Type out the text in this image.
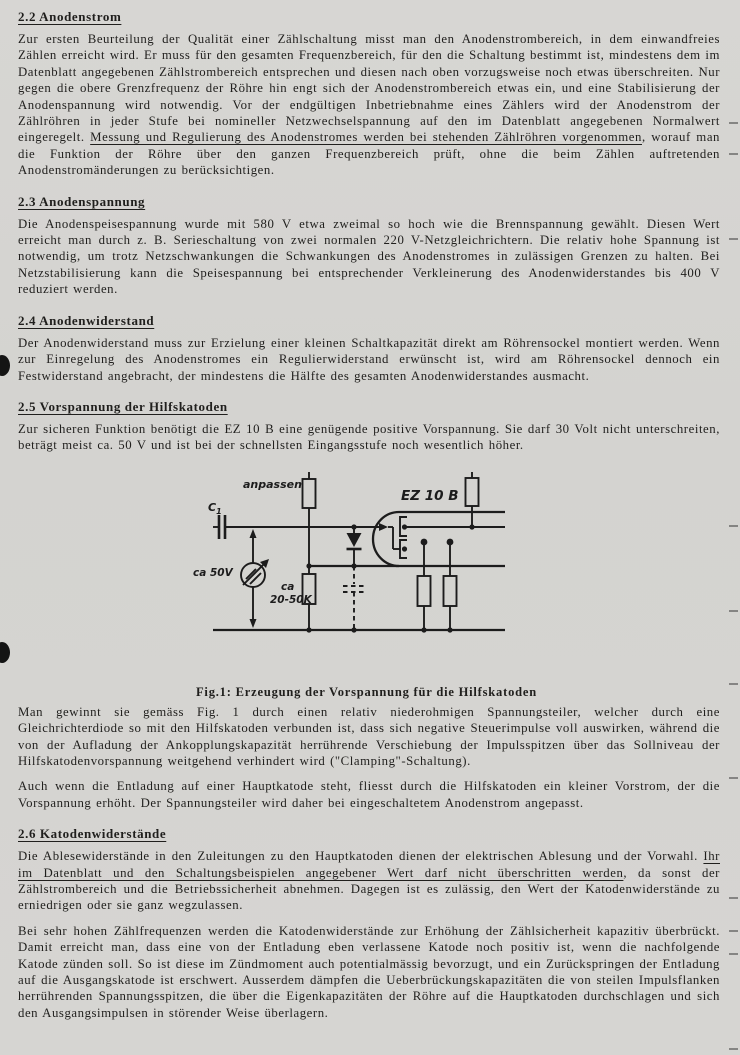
2.2 Anodenstrom

Zur ersten Beurteilung der Qualität einer Zählschaltung misst man den Anodenstrombereich, in dem einwandfreies Zählen erreicht wird. Er muss für den gesamten Frequenzbereich, für den die Schaltung bestimmt ist, mindestens dem im Datenblatt angegebenen Zählstrombereich entsprechen und diesen nach oben vorzugsweise noch etwas überschreiten. Nur gegen die obere Grenzfrequenz der Röhre hin engt sich der Anodenstrombereich etwas ein, und eine Stabilisierung der Anodenspannung wird notwendig. Vor der endgültigen Inbetriebnahme eines Zählers wird der Anodenstrom der Zählröhren in jeder Stufe bei nomineller Netzwechselspannung auf den im Datenblatt angegebenen Normalwert eingeregelt. Messung und Regulierung des Anodenstromes werden bei stehenden Zählröhren vorgenommen, worauf man die Funktion der Röhre über den ganzen Frequenzbereich prüft, ohne die beim Zählen auftretenden Anodenstromänderungen zu berücksichtigen.

2.3 Anodenspannung

Die Anodenspeisespannung wurde mit 580 V etwa zweimal so hoch wie die Brennspannung gewählt. Diesen Wert erreicht man durch z. B. Serieschaltung von zwei normalen 220 V-Netzgleichrichtern. Die relativ hohe Spannung ist notwendig, um trotz Netzschwankungen die Schwankungen des Anodenstromes in zulässigen Grenzen zu halten. Bei Netzstabilisierung kann die Speisespannung bei entsprechender Verkleinerung des Anodenwiderstandes bis 400 V reduziert werden.

2.4 Anodenwiderstand

Der Anodenwiderstand muss zur Erzielung einer kleinen Schaltkapazität direkt am Röhrensockel montiert werden. Wenn zur Einregelung des Anodenstromes ein Regulierwiderstand erwünscht ist, wird am Röhrensockel dennoch ein Festwiderstand angebracht, der mindestens die Hälfte des gesamten Anodenwiderstandes ausmacht.

2.5 Vorspannung der Hilfskatoden

Zur sicheren Funktion benötigt die EZ 10 B eine genügende positive Vorspannung. Sie darf 30 Volt nicht unterschreiten, beträgt meist ca. 50 V und ist bei der schnellsten Eingangsstufe noch wesentlich höher.

$C_1$
anpassen
ca 50V
ca
20-50K
EZ 10 B
Fig.1: Erzeugung der Vorspannung für die Hilfskatoden

Man gewinnt sie gemäss Fig. 1 durch einen relativ niederohmigen Spannungsteiler, welcher durch eine Gleichrichterdiode so mit den Hilfskatoden verbunden ist, dass sich negative Steuerimpulse voll auswirken, während die von der Aufladung der Ankopplungskapazität herrührende Verschiebung der Impulsspitzen über das Sollniveau der Hilfskatodenvorspannung weitgehend verhindert wird ("Clamping"-Schaltung).

Auch wenn die Entladung auf einer Hauptkatode steht, fliesst durch die Hilfskatoden ein kleiner Vorstrom, der die Vorspannung erhöht. Der Spannungsteiler wird daher bei eingeschaltetem Anodenstrom angepasst.

2.6 Katodenwiderstände

Die Ablesewiderstände in den Zuleitungen zu den Hauptkatoden dienen der elektrischen Ablesung und der Vorwahl. Ihr im Datenblatt und den Schaltungsbeispielen angegebener Wert darf nicht überschritten werden, da sonst der Zählstrombereich und die Betriebssicherheit abnehmen. Dagegen ist es zulässig, den Wert der Katodenwiderstände zu erniedrigen oder sie ganz wegzulassen.

Bei sehr hohen Zählfrequenzen werden die Katodenwiderstände zur Erhöhung der Zählsicherheit kapazitiv überbrückt. Damit erreicht man, dass eine von der Entladung eben verlassene Katode noch positiv ist, wenn die nachfolgende Katode zünden soll. So ist diese im Zündmoment auch potentialmässig bevorzugt, und ein Zurückspringen der Entladung auf die Ausgangskatode ist erschwert. Ausserdem dämpfen die Ueberbrückungskapazitäten die von steilen Impulsflanken herrührenden Spannungsspitzen, die über die Eigenkapazitäten der Röhre auf die Hauptkatoden durchschlagen und sich den Ausgangsimpulsen in störender Weise überlagern.
